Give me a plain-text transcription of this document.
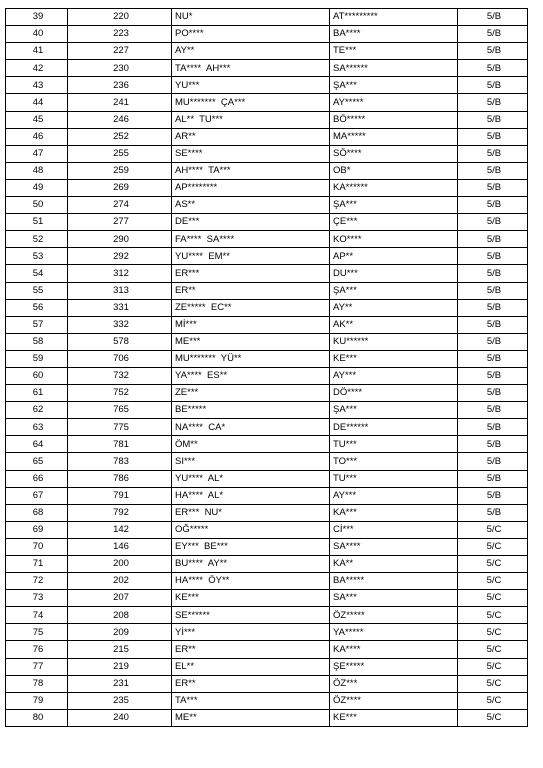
39	220	NU*	AT*********	5/B
40	223	PO****	BA****	5/B
41	227	AY**	TE***	5/B
42	230	TA****  AH***	SA******	5/B
43	236	YU***	ŞA***	5/B
44	241	MU*******  ÇA***	AY*****	5/B
45	246	AL**  TU***	BÖ*****	5/B
46	252	AR**	MA*****	5/B
47	255	SE****	SÖ****	5/B
48	259	AH****  TA***	OB*	5/B
49	269	AP********	KA******	5/B
50	274	AS**	ŞA***	5/B
51	277	DE***	ÇE***	5/B
52	290	FA****  SA****	KO****	5/B
53	292	YU****  EM**	AP**	5/B
54	312	ER***	DU***	5/B
55	313	ER**	ŞA***	5/B
56	331	ZE*****  EC**	AY**	5/B
57	332	Mİ***	AK**	5/B
58	578	ME***	KU******	5/B
59	706	MU*******  YÜ**	KE***	5/B
60	732	YA****  ES**	AY***	5/B
61	752	ZE***	DÖ****	5/B
62	765	BE*****	ŞA***	5/B
63	775	NA****  CA*	DE******	5/B
64	781	ÖM**	TU***	5/B
65	783	SI***	TO***	5/B
66	786	YU****  AL*	TU***	5/B
67	791	HA****  AL*	AY***	5/B
68	792	ER***  NU*	KA***	5/B
69	142	OĞ*****	Cİ***	5/C
70	146	EY***  BE***	SA****	5/C
71	200	BU****  AY**	KA**	5/C
72	202	HA****  ÖY**	BA*****	5/C
73	207	KE***	SA***	5/C
74	208	SE******	ÖZ*****	5/C
75	209	Yİ***	YA*****	5/C
76	215	ER**	KA****	5/C
77	219	EL**	ŞE*****	5/C
78	231	ER**	ÖZ***	5/C
79	235	TA***	ÖZ****	5/C
80	240	ME**	KE***	5/C
